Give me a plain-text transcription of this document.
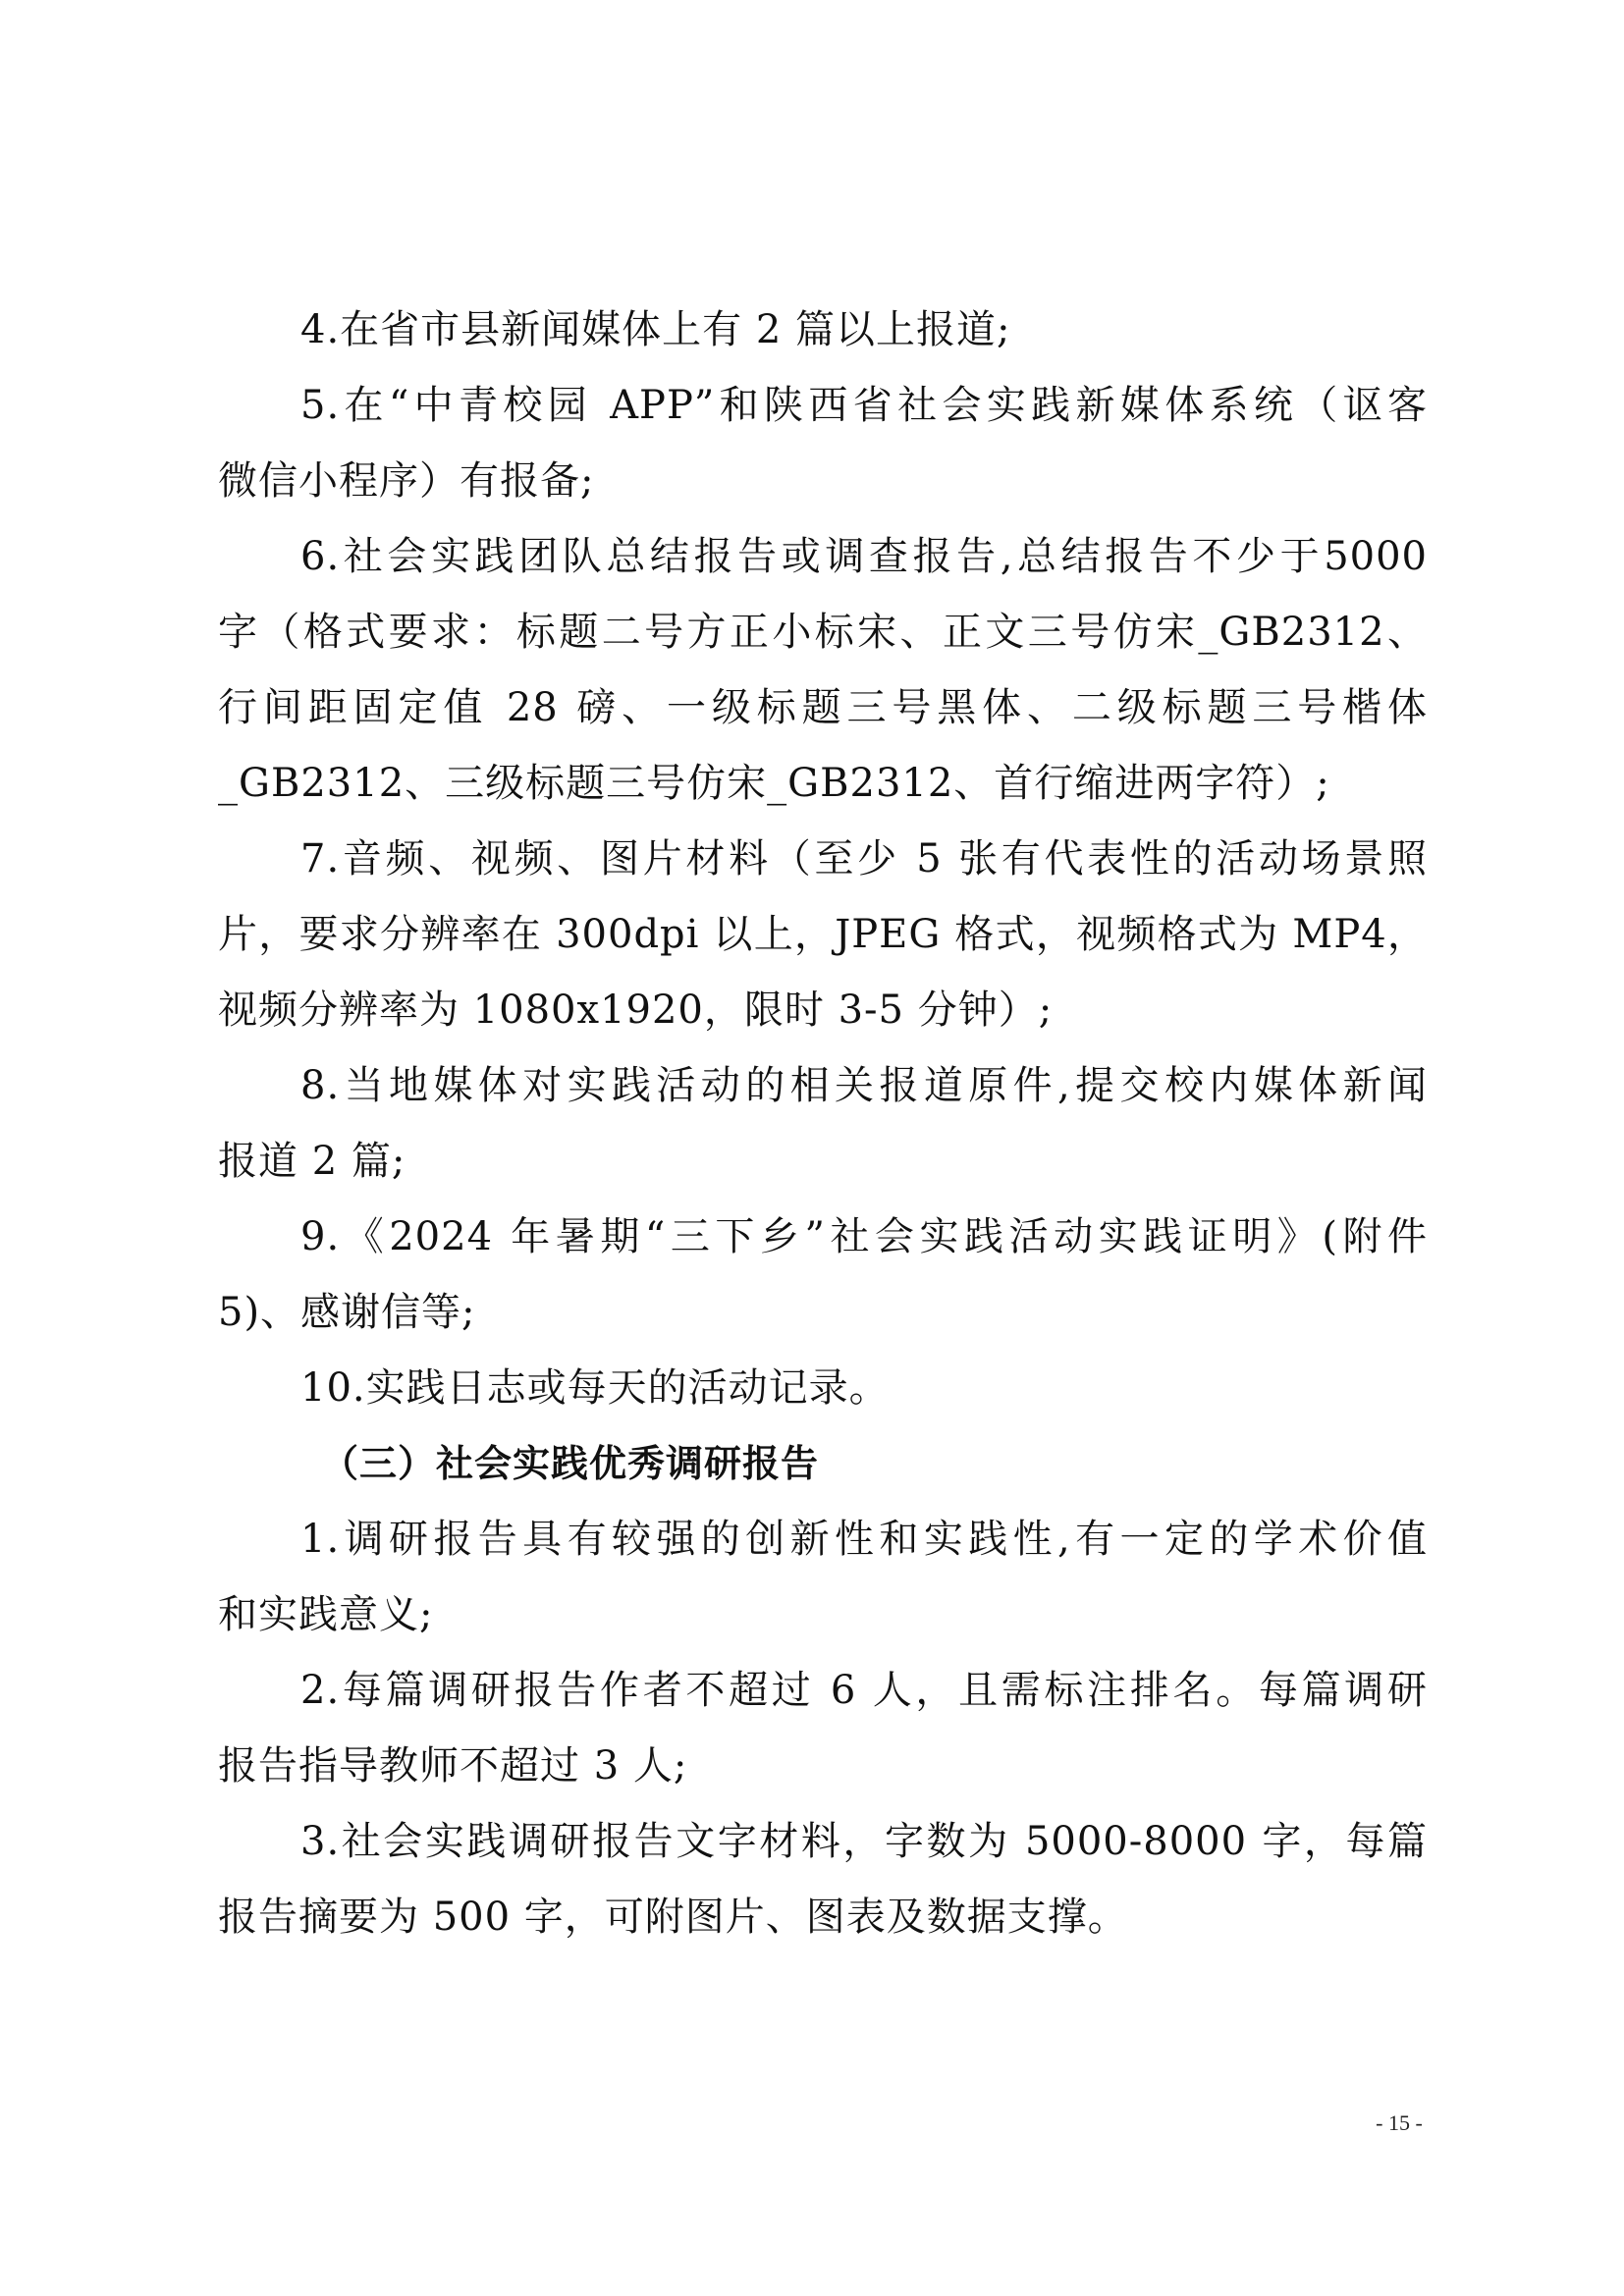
4.在省市县新闻媒体上有 2 篇以上报道;
5.在“中青校园 APP”和陕西省社会实践新媒体系统（讴客
微信小程序）有报备;
6.社会实践团队总结报告或调查报告,总结报告不少于5000
字（格式要求：标题二号方正小标宋、正文三号仿宋_GB2312、
行间距固定值 28 磅、一级标题三号黑体、二级标题三号楷体
_GB2312、三级标题三号仿宋_GB2312、首行缩进两字符）;
7.音频、视频、图片材料（至少 5 张有代表性的活动场景照
片，要求分辨率在 300dpi 以上，JPEG 格式，视频格式为 MP4，
视频分辨率为 1080x1920，限时 3-5 分钟）;
8.当地媒体对实践活动的相关报道原件,提交校内媒体新闻
报道 2 篇;
9.《2024 年暑期“三下乡”社会实践活动实践证明》(附件
5)、感谢信等;
10.实践日志或每天的活动记录。
（三）社会实践优秀调研报告
1.调研报告具有较强的创新性和实践性,有一定的学术价值
和实践意义;
2.每篇调研报告作者不超过 6 人，且需标注排名。每篇调研
报告指导教师不超过 3 人;
3.社会实践调研报告文字材料，字数为 5000-8000 字，每篇
报告摘要为 500 字，可附图片、图表及数据支撑。
- 15 -
